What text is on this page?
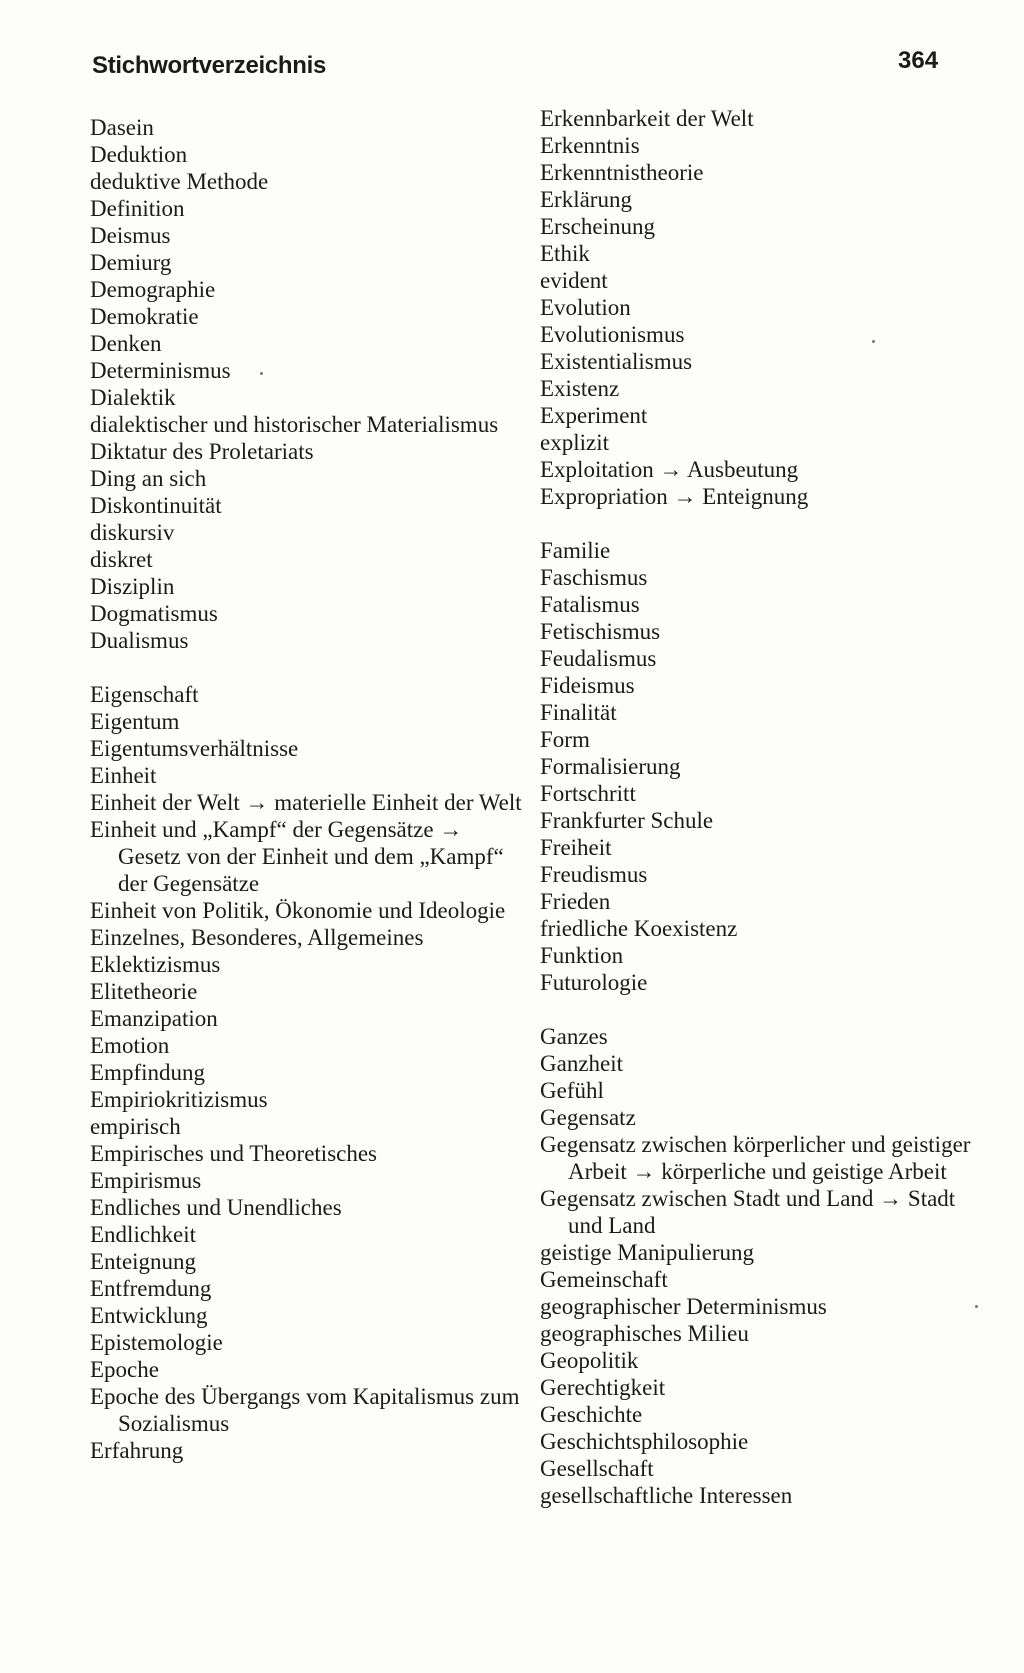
Stichwortverzeichnis	364

Dasein

Deduktion

deduktive Methode

Definition

Deismus

Demiurg

Demographie

Demokratie

Denken

Determinismus

Dialektik

dialektischer und historischer Materialismus

Diktatur des Proletariats

Ding an sich

Diskontinuität

diskursiv

diskret

Disziplin

Dogmatismus

Dualismus

Eigenschaft

Eigentum

Eigentumsverhältnisse

Einheit

Einheit der Welt → materielle Einheit der Welt

Einheit und „Kampf“ der Gegensätze → Gesetz von der Einheit und dem „Kampf“ der Gegensätze

Einheit von Politik, Ökonomie und Ideologie

Einzelnes, Besonderes, Allgemeines

Eklektizismus

Elitetheorie

Emanzipation

Emotion

Empfindung

Empiriokritizismus

empirisch

Empirisches und Theoretisches

Empirismus

Endliches und Unendliches

Endlichkeit

Enteignung

Entfremdung

Entwicklung

Epistemologie

Epoche

Epoche des Übergangs vom Kapitalismus zum Sozialismus

Erfahrung

Erkennbarkeit der Welt

Erkenntnis

Erkenntnistheorie

Erklärung

Erscheinung

Ethik

evident

Evolution

Evolutionismus

Existentialismus

Existenz

Experiment

explizit

Exploitation → Ausbeutung

Expropriation → Enteignung

Familie

Faschismus

Fatalismus

Fetischismus

Feudalismus

Fideismus

Finalität

Form

Formalisierung

Fortschritt

Frankfurter Schule

Freiheit

Freudismus

Frieden

friedliche Koexistenz

Funktion

Futurologie

Ganzes

Ganzheit

Gefühl

Gegensatz

Gegensatz zwischen körperlicher und geistiger Arbeit → körperliche und geistige Arbeit

Gegensatz zwischen Stadt und Land → Stadt und Land

geistige Manipulierung

Gemeinschaft

geographischer Determinismus

geographisches Milieu

Geopolitik

Gerechtigkeit

Geschichte

Geschichtsphilosophie

Gesellschaft

gesellschaftliche Interessen
